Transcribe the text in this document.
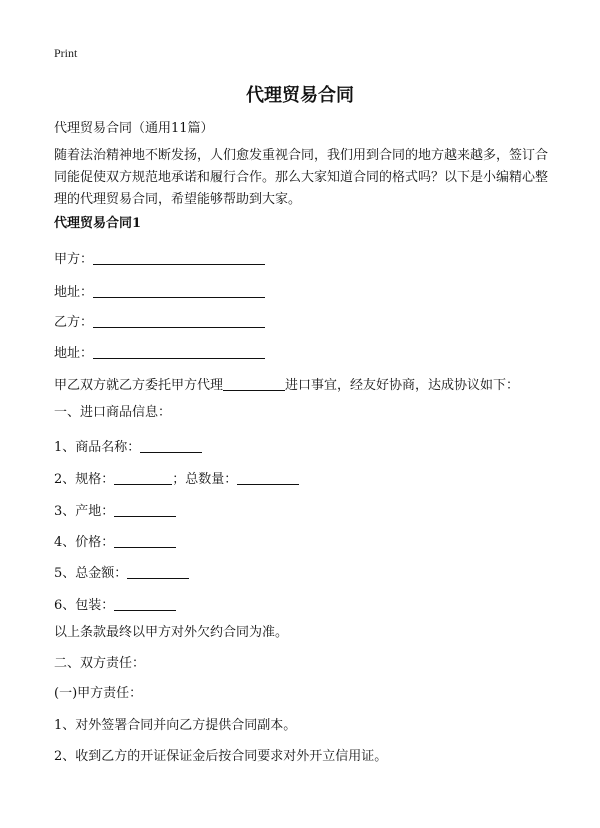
Print
代理贸易合同
代理贸易合同（通用11篇）
随着法治精神地不断发扬，人们愈发重视合同，我们用到合同的地方越来越多，签订合同能促使双方规范地承诺和履行合作。那么大家知道合同的格式吗？以下是小编精心整理的代理贸易合同，希望能够帮助到大家。
代理贸易合同1
甲方：
地址：
乙方：
地址：
甲乙双方就乙方委托甲方代理	进口事宜，经友好协商，达成协议如下：
一、进口商品信息：
1、商品名称：
2、规格：	；总数量：
3、产地：
4、价格：
5、总金额：
6、包装：
以上条款最终以甲方对外欠约合同为准。
二、双方责任：
(一)甲方责任：
1、对外签署合同并向乙方提供合同副本。
2、收到乙方的开证保证金后按合同要求对外开立信用证。
